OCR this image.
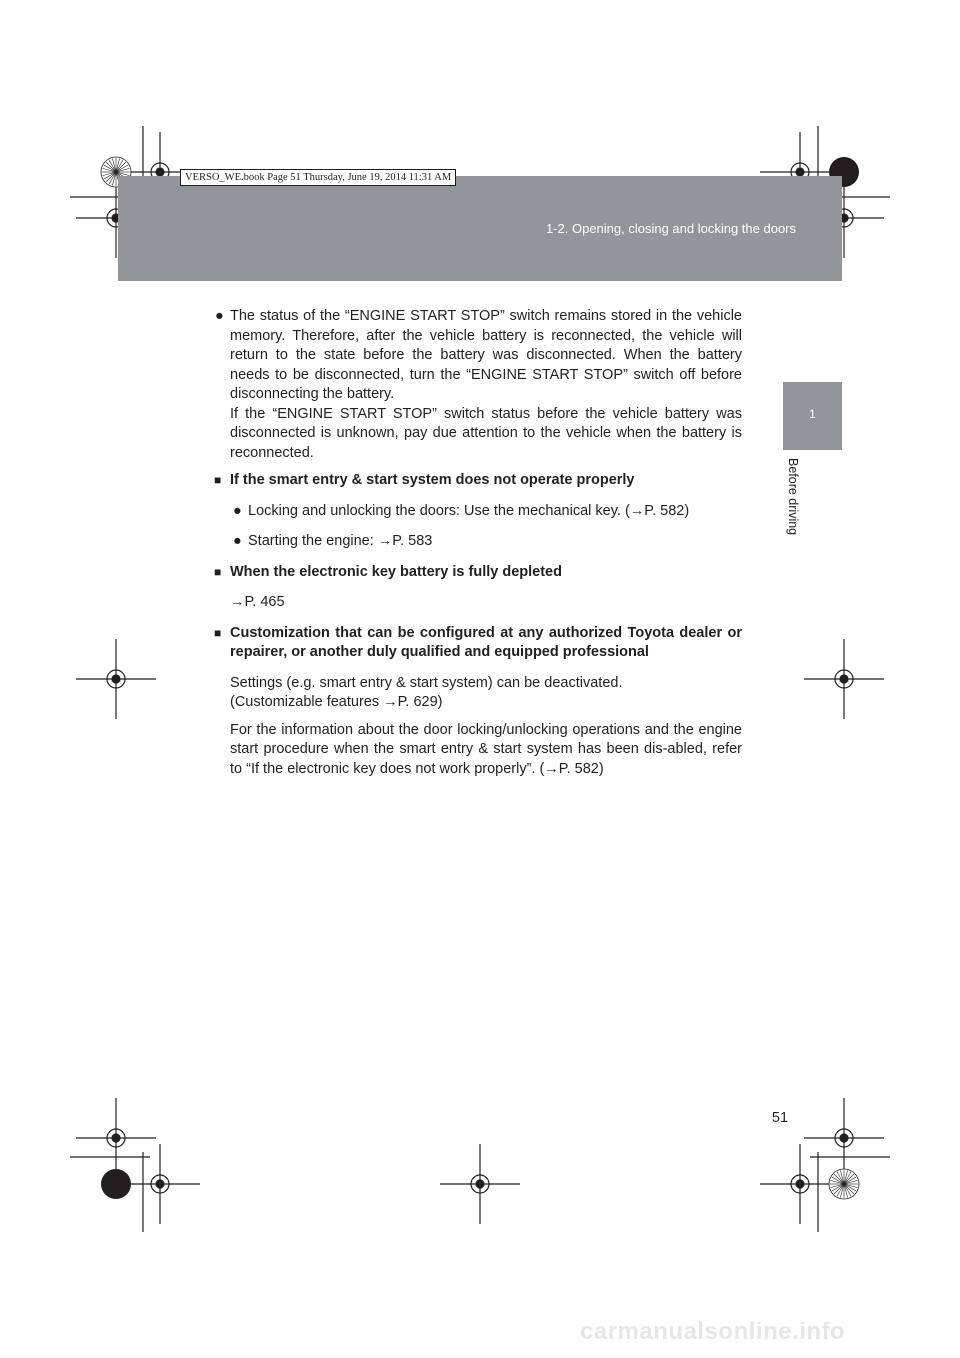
VERSO_WE.book Page 51 Thursday, June 19, 2014 11:31 AM
1-2. Opening, closing and locking the doors
1
Before driving
● The status of the “ENGINE START STOP” switch remains stored in the vehicle memory. Therefore, after the vehicle battery is reconnected, the vehicle will return to the state before the battery was disconnected. When the battery needs to be disconnected, turn the “ENGINE START STOP” switch off before disconnecting the battery.

If the “ENGINE START STOP” switch status before the vehicle battery was disconnected is unknown, pay due attention to the vehicle when the battery is reconnected.

■ If the smart entry & start system does not operate properly
● Locking and unlocking the doors: Use the mechanical key. (→P. 582)

● Starting the engine: →P. 583

■ When the electronic key battery is fully depleted

→P. 465

■ Customization that can be configured at any authorized Toyota dealer or repairer, or another duly qualified and equipped professional

Settings (e.g. smart entry & start system) can be deactivated.

(Customizable features →P. 629)

For the information about the door locking/unlocking operations and the engine start procedure when the smart entry & start system has been dis-abled, refer to “If the electronic key does not work properly”. (→P. 582)

51
carmanualsonline.info
